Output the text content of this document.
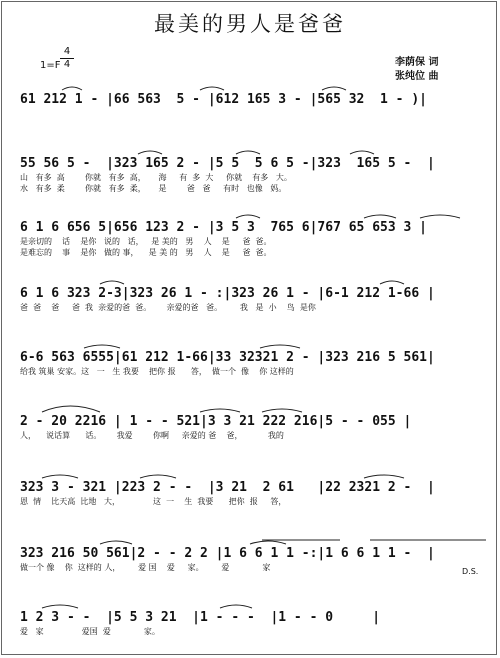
最美的男人是爸爸
$1=F \frac{4}{4}$	李荫保 词
张纯位 曲
61 212 1 - |66 563  5 - |612 165 3 - |565 32  1 - )|
55 56 5 -  |323 165 2 - |5 5  5 6 5 -|323  165 5 -  |
山   有多  高        你就   有多  高，     海     有  多  大     你就    有多   大。
水   有多  柔        你就   有多  柔，     是        爸   爸     有时   也像   妈。
6 1 6 656 5|656 123 2 - |3 5 3  765 6|767 65 653 3 |
是亲切的    话    是你   说的   话，   是 美的   男    人    是     爸  爸。
是难忘的    事    是你   做的 事，    是 美 的   男    人    是     爸  爸。
6 1 6 323 2-3|323 26 1 - :|323 26 1 - |6-1 212 1-66 |
爸  爸    爸     爸  我  亲爱的爸  爸。      亲爱的爸   爸。       我   是  小    鸟  是你
6-6 563 6555|61 212 1-66|33 32321 2 - |323 216 5 561|
给我 筑巢 安家。这   一   生 我要    把你 报      答，  做一个  像    你 这样的
2 - 20 2216 | 1 - - 521|3 3 21 222 216|5 - - 055 |
人，    说话算      话。      我爱        你啊     亲爱的 爸    爸，          我的
323 3 - 321 |223 2 - -  |3 21  2 61   |22 2321 2 -  |
恩  情    比天高  比地   大，             这  一    生  我要      把你  报     答，
323 216 50 561|2 - - 2 2 |1 6 6 1 1 -:|1 6 6 1 1 -  |
做一个 像    你  这样的 人，       爱 国    爱     家。       爱             家	D.S.
1 2 3 - -  |5 5 3 21  |1 - - -  |1 - - 0     |
爱   家               爱国  爱             家。
